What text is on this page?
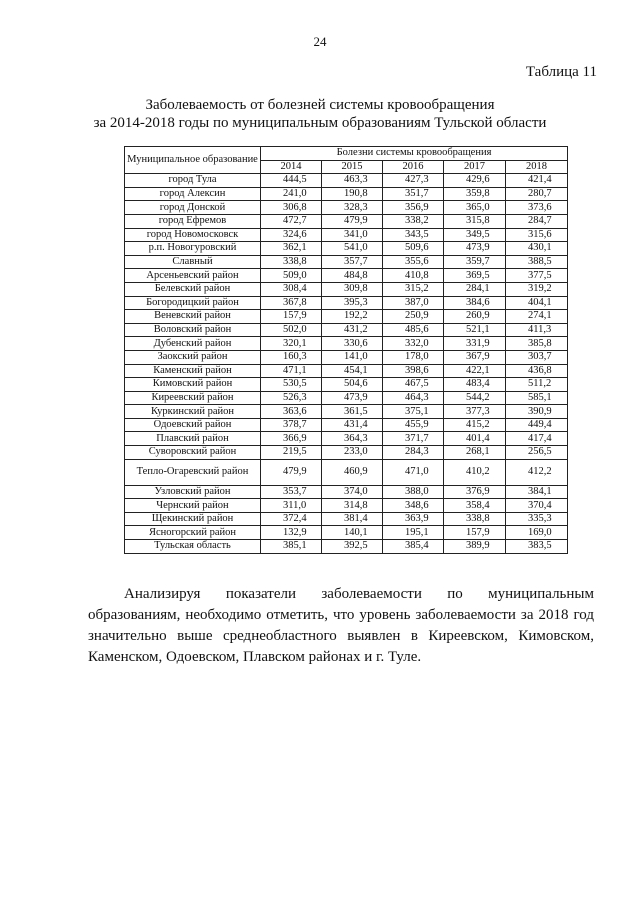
24
Таблица 11
Заболеваемость от болезней системы кровообращения
за 2014-2018 годы по муниципальным образованиям Тульской области
Муниципальное образование	Болезни системы кровообращения				
	2014	2015	2016	2017	2018
город Тула	444,5	463,3	427,3	429,6	421,4
город Алексин	241,0	190,8	351,7	359,8	280,7
город Донской	306,8	328,3	356,9	365,0	373,6
город Ефремов	472,7	479,9	338,2	315,8	284,7
город Новомосковск	324,6	341,0	343,5	349,5	315,6
р.п. Новогуровский	362,1	541,0	509,6	473,9	430,1
Славный	338,8	357,7	355,6	359,7	388,5
Арсеньевский район	509,0	484,8	410,8	369,5	377,5
Белевский район	308,4	309,8	315,2	284,1	319,2
Богородицкий район	367,8	395,3	387,0	384,6	404,1
Веневский район	157,9	192,2	250,9	260,9	274,1
Воловский район	502,0	431,2	485,6	521,1	411,3
Дубенский район	320,1	330,6	332,0	331,9	385,8
Заокский район	160,3	141,0	178,0	367,9	303,7
Каменский район	471,1	454,1	398,6	422,1	436,8
Кимовский район	530,5	504,6	467,5	483,4	511,2
Киреевский район	526,3	473,9	464,3	544,2	585,1
Куркинский район	363,6	361,5	375,1	377,3	390,9
Одоевский район	378,7	431,4	455,9	415,2	449,4
Плавский район	366,9	364,3	371,7	401,4	417,4
Суворовский район	219,5	233,0	284,3	268,1	256,5
Тепло-Огаревский район	479,9	460,9	471,0	410,2	412,2
Узловский район	353,7	374,0	388,0	376,9	384,1
Чернский район	311,0	314,8	348,6	358,4	370,4
Щекинский район	372,4	381,4	363,9	338,8	335,3
Ясногорский район	132,9	140,1	195,1	157,9	169,0
Тульская область	385,1	392,5	385,4	389,9	383,5
Анализируя показатели заболеваемости по муниципальным образованиям, необходимо отметить, что уровень заболеваемости за 2018 год значительно выше среднеобластного выявлен в Киреевском, Кимовском, Каменском, Одоевском, Плавском районах и г. Туле.
